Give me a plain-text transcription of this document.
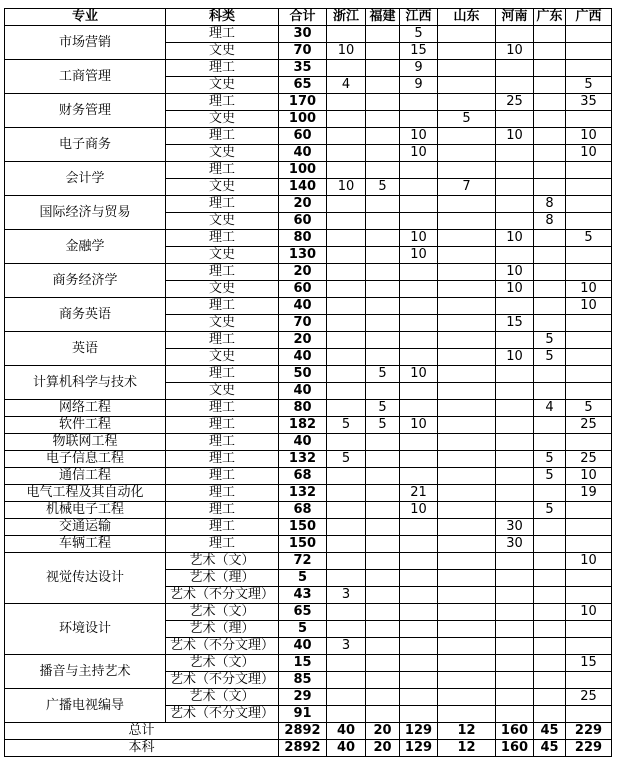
专业	科类	合计	浙江	福建	江西	山东	河南	广东	广西
市场营销	理工	30			5				
	文史	70	10		15		10		
工商管理	理工	35			9				
	文史	65	4		9				5
财务管理	理工	170					25		35
	文史	100				5			
电子商务	理工	60			10		10		10
	文史	40			10				10
会计学	理工	100							
	文史	140	10	5		7			
国际经济与贸易	理工	20						8	
	文史	60						8	
金融学	理工	80			10		10		5
	文史	130			10				
商务经济学	理工	20					10		
	文史	60					10		10
商务英语	理工	40							10
	文史	70					15		
英语	理工	20						5	
	文史	40					10	5	
计算机科学与技术	理工	50		5	10				
	文史	40							
网络工程	理工	80		5				4	5
软件工程	理工	182	5	5	10				25
物联网工程	理工	40							
电子信息工程	理工	132	5					5	25
通信工程	理工	68						5	10
电气工程及其自动化	理工	132			21				19
机械电子工程	理工	68			10			5	
交通运输	理工	150					30		
车辆工程	理工	150					30		
视觉传达设计	艺术（文）	72							10
	艺术（理）	5							
	艺术（不分文理）	43	3						
环境设计	艺术（文）	65							10
	艺术（理）	5							
	艺术（不分文理）	40	3						
播音与主持艺术	艺术（文）	15							15
	艺术（不分文理）	85							
广播电视编导	艺术（文）	29							25
	艺术（不分文理）	91							
总计		2892	40	20	129	12	160	45	229
本科		2892	40	20	129	12	160	45	229
